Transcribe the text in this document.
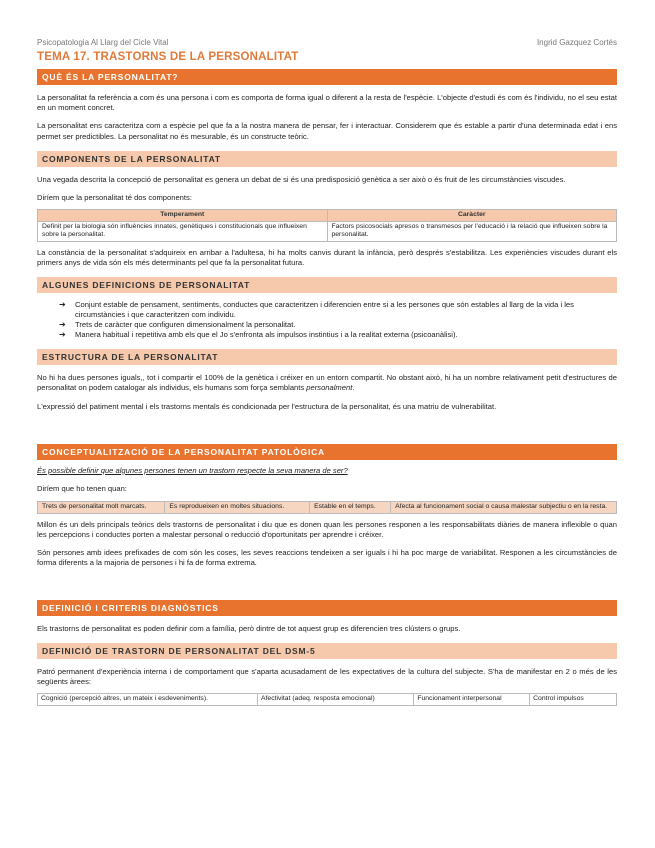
Psicopatologia Al Llarg del Cicle Vital	Ingrid Gazquez Cortés
TEMA 17. TRASTORNS DE LA PERSONALITAT
QUÈ ÉS LA PERSONALITAT?

La personalitat fa referència a com és una persona i com es comporta de forma igual o diferent a la resta de l'espècie. L'objecte d'estudi és com és l'individu, no el seu estat en un moment concret.

La personalitat ens caracteritza com a espècie pel que fa a la nostra manera de pensar, fer i interactuar. Considerem que és estable a partir d'una determinada edat i ens permet ser predictibles. La personalitat no és mesurable, és un constructe teòric.

COMPONENTS DE LA PERSONALITAT

Una vegada descrita la concepció de personalitat es genera un debat de si és una predisposició genètica a ser això o és fruit de les circumstàncies viscudes.

Diríem que la personalitat té dos components:

Temperament	Caràcter
Definit per la biologia són influències innates, genètiques i constitucionals que influeixen sobre la personalitat.	Factors psicosocials apresos o transmesos per l'educació i la relació que influeixen sobre la personalitat.

La constància de la personalitat s'adquireix en arribar a l'adultesa, hi ha molts canvis durant la infància, però després s'estabilitza. Les experiències viscudes durant els primers anys de vida són els més determinants pel que fa la personalitat futura.

ALGUNES DEFINICIONS DE PERSONALITAT
➔ Conjunt estable de pensament, sentiments, conductes que caracteritzen i diferencien entre si a les persones que són estables al llarg de la vida i les circumstàncies i que caracteritzen com individu.
➔ Trets de caràcter que configuren dimensionalment la personalitat.
➔ Manera habitual i repetitiva amb els que el Jo s'enfronta als impulsos instintius i a la realitat externa (psicoanàlisi).
ESTRUCTURA DE LA PERSONALITAT

No hi ha dues persones iguals,, tot i compartir el 100% de la genètica i créixer en un entorn compartit. No obstant això, hi ha un nombre relativament petit d'estructures de personalitat on podem catalogar als individus, els humans som força semblants personalment.

L'expressió del patiment mental i els trastorns mentals és condicionada per l'estructura de la personalitat, és una matriu de vulnerabilitat.

CONCEPTUALITZACIÓ DE LA PERSONALITAT PATOLÒGICA

És possible definir que algunes persones tenen un trastorn respecte la seva manera de ser?

Diríem que ho tenen quan:

Trets de personalitat molt marcats.	Es reprodueixen en moltes situacions.	Estable en el temps.	Afecta al funcionament social o causa malestar subjectiu o en la resta.

Millon és un dels principals teòrics dels trastorns de personalitat i diu que es donen quan les persones responen a les responsabilitats diàries de manera inflexible o quan les percepcions i conductes porten a malestar personal o reducció d'oportunitats per aprendre i créixer.

Són persones amb idees prefixades de com són les coses, les seves reaccions tendeixen a ser iguals i hi ha poc marge de variabilitat. Responen a les circumstàncies de forma diferents a la majoria de persones i hi fa de forma extrema.

DEFINICIÓ I CRITERIS DIAGNÒSTICS

Els trastorns de personalitat es poden definir com a família, però dintre de tot aquest grup es diferencien tres clústers o grups.

DEFINICIÓ DE TRASTORN DE PERSONALITAT DEL DSM-5

Patró permanent d'experiència interna i de comportament que s'aparta acusadament de les expectatives de la cultura del subjecte. S'ha de manifestar en 2 o més de les següents àrees:

Cognició (percepció altres, un mateix i esdeveniments).	Afectivitat (adeq. resposta emocional)	Funcionament interpersonal	Control impulsos
